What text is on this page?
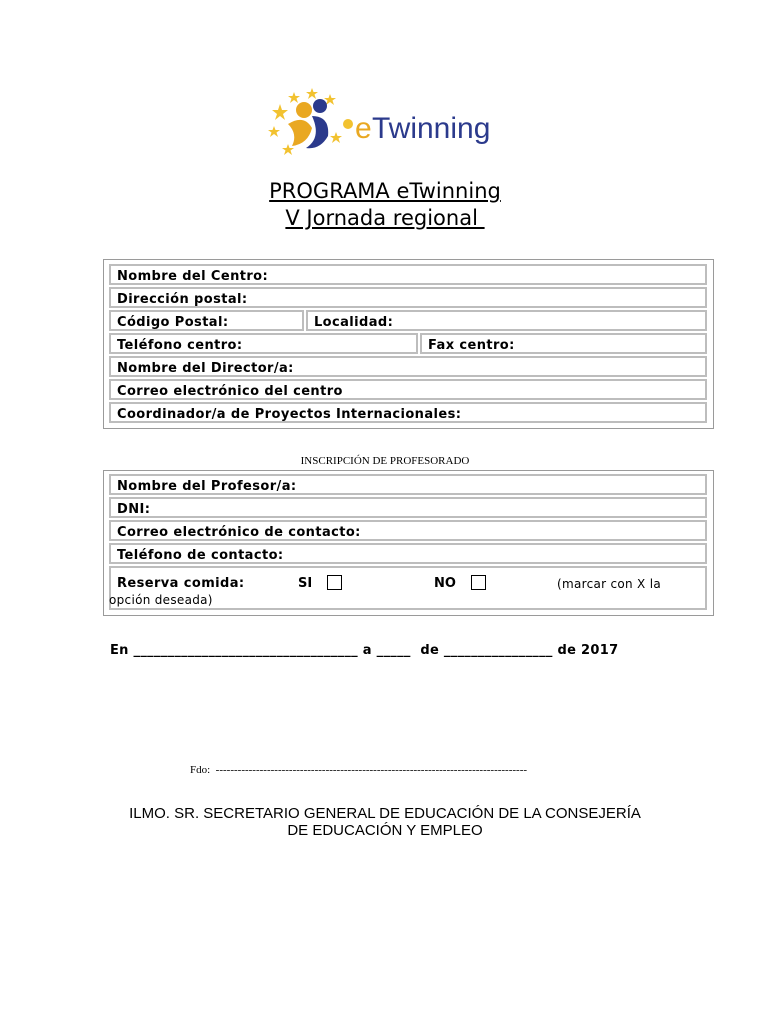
e Twinning
PROGRAMA eTwinning
V Jornada regional
Nombre del Centro:
Dirección postal:
Código Postal:	Localidad:
Teléfono centro:	Fax centro:
Nombre del Director/a:
Correo electrónico del centro
Coordinador/a de Proyectos Internacionales:
INSCRIPCIÓN DE PROFESORADO
Nombre del Profesor/a:
DNI:
Correo electrónico de contacto:
Teléfono de contacto:
Reserva comida:	SI	NO	(marcar con X la
opción deseada)
En _________________________________ a _____  de ________________ de 2017
Fdo:  -------------------------------------------------------------------------------------
ILMO. SR. SECRETARIO GENERAL DE EDUCACIÓN DE LA CONSEJERÍA
DE EDUCACIÓN Y EMPLEO
